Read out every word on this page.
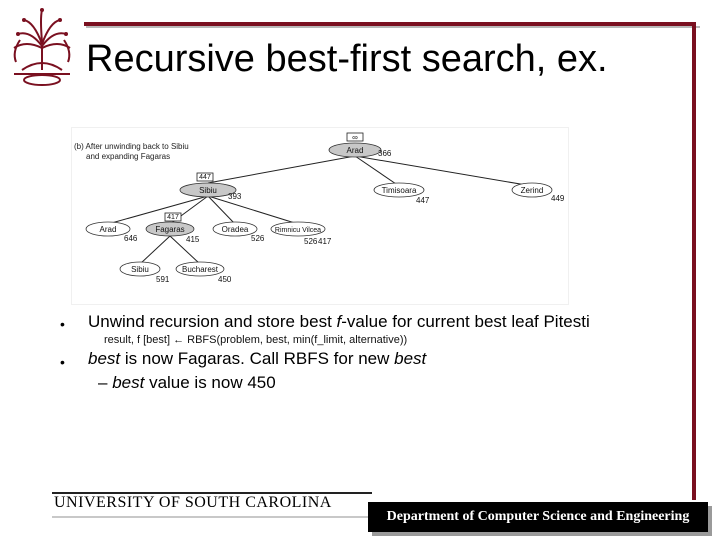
Recursive best-first search, ex.
(b) After unwinding back to Sibiu
and expanding Fagaras
∞
447
417
Arad 366
Sibiu
393
Timisoara
447
Zerind
449
Arad
646
Fagaras
415
Oradea
526
Rimnicu Vilcea
526 417
Sibiu
591
Bucharest
450
• Unwind recursion and store best f-value for current best leaf Pitesti
result, f [best] ← RBFS(problem, best, min(f_limit, alternative))
• best is now Fagaras. Call RBFS for new best
– best value is now 450
UNIVERSITY OF SOUTH CAROLINA
Department of Computer Science and Engineering
